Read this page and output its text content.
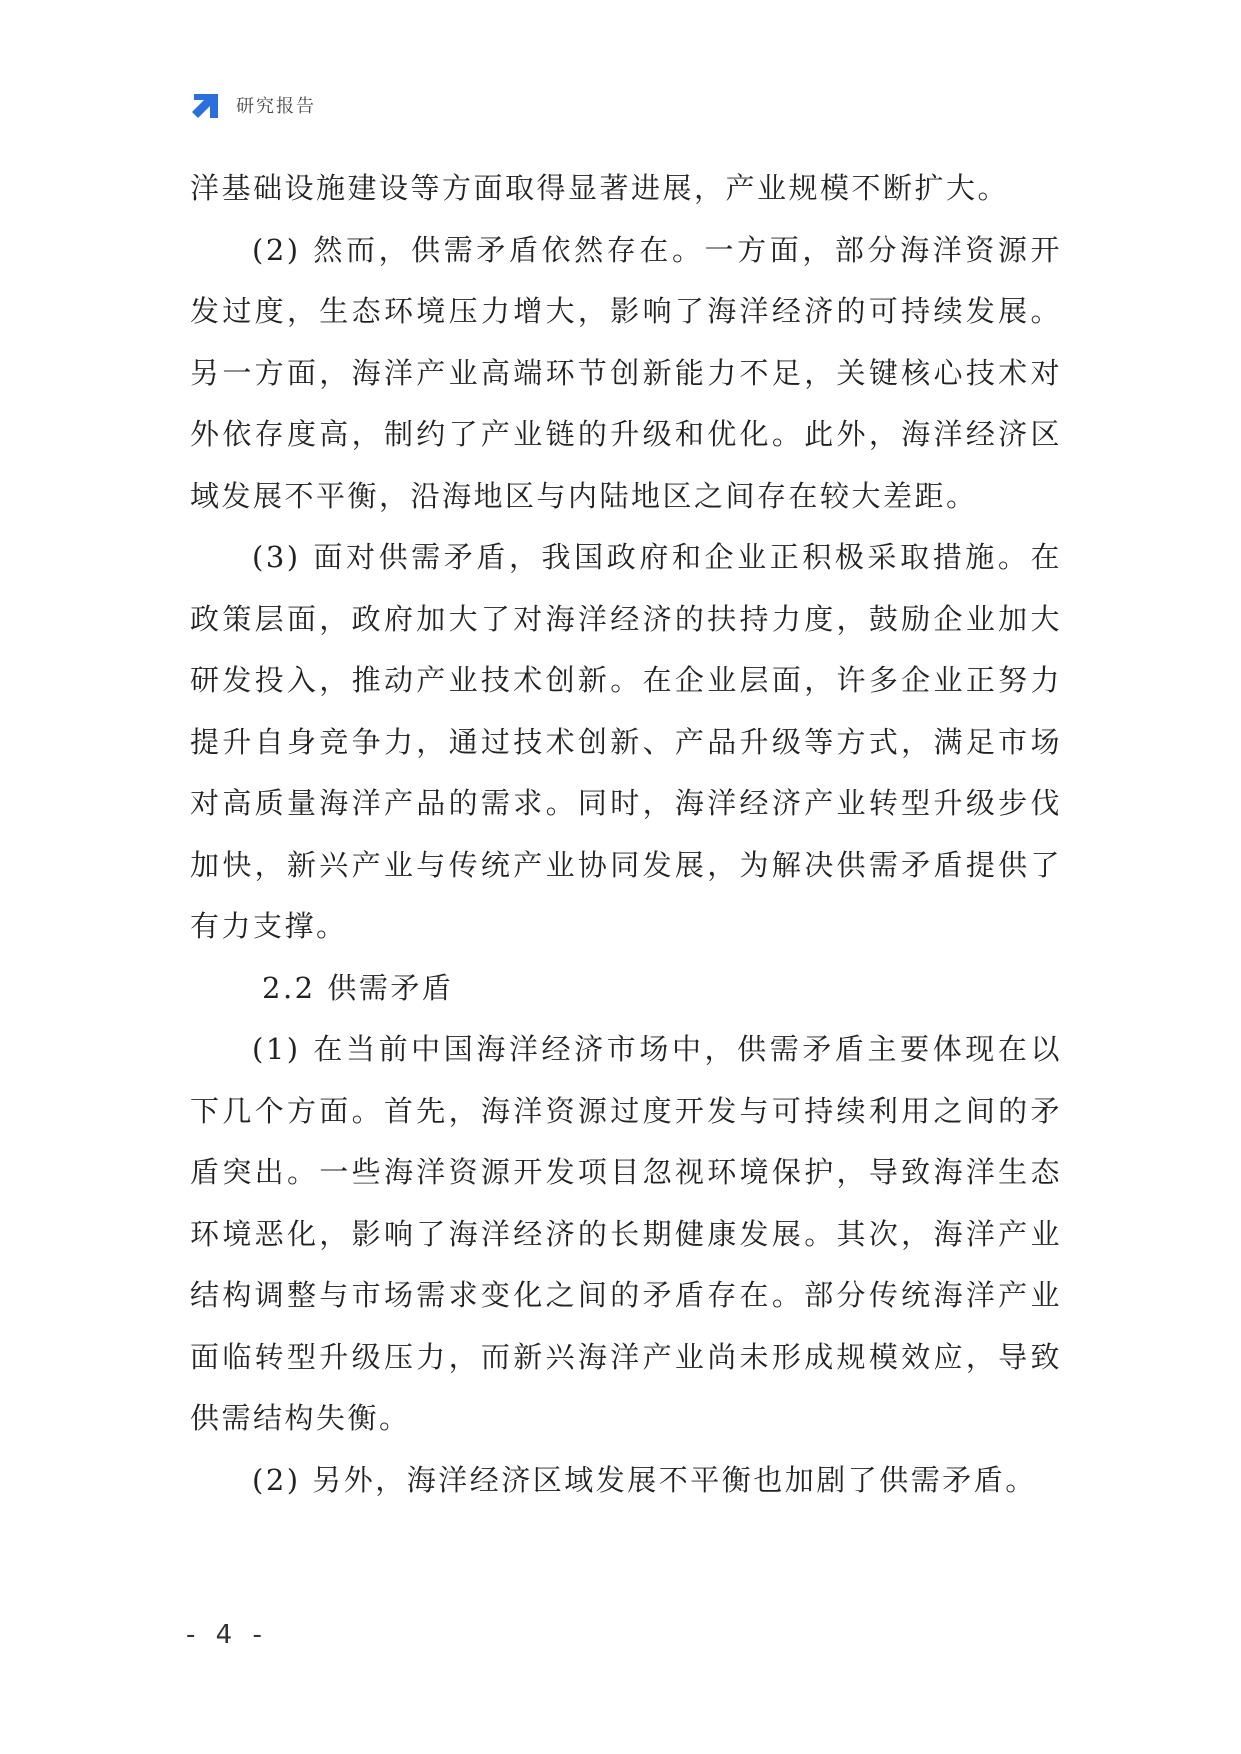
研究报告

洋基础设施建设等方面取得显著进展，产业规模不断扩大。

(2) 然而，供需矛盾依然存在。一方面，部分海洋资源开发过度，生态环境压力增大，影响了海洋经济的可持续发展。另一方面，海洋产业高端环节创新能力不足，关键核心技术对外依存度高，制约了产业链的升级和优化。此外，海洋经济区域发展不平衡，沿海地区与内陆地区之间存在较大差距。

(3) 面对供需矛盾，我国政府和企业正积极采取措施。在政策层面，政府加大了对海洋经济的扶持力度，鼓励企业加大研发投入，推动产业技术创新。在企业层面，许多企业正努力提升自身竞争力，通过技术创新、产品升级等方式，满足市场对高质量海洋产品的需求。同时，海洋经济产业转型升级步伐加快，新兴产业与传统产业协同发展，为解决供需矛盾提供了有力支撑。

2.2 供需矛盾

(1) 在当前中国海洋经济市场中，供需矛盾主要体现在以下几个方面。首先，海洋资源过度开发与可持续利用之间的矛盾突出。一些海洋资源开发项目忽视环境保护，导致海洋生态环境恶化，影响了海洋经济的长期健康发展。其次，海洋产业结构调整与市场需求变化之间的矛盾存在。部分传统海洋产业面临转型升级压力，而新兴海洋产业尚未形成规模效应，导致供需结构失衡。

(2) 另外，海洋经济区域发展不平衡也加剧了供需矛盾。

- 4 -
